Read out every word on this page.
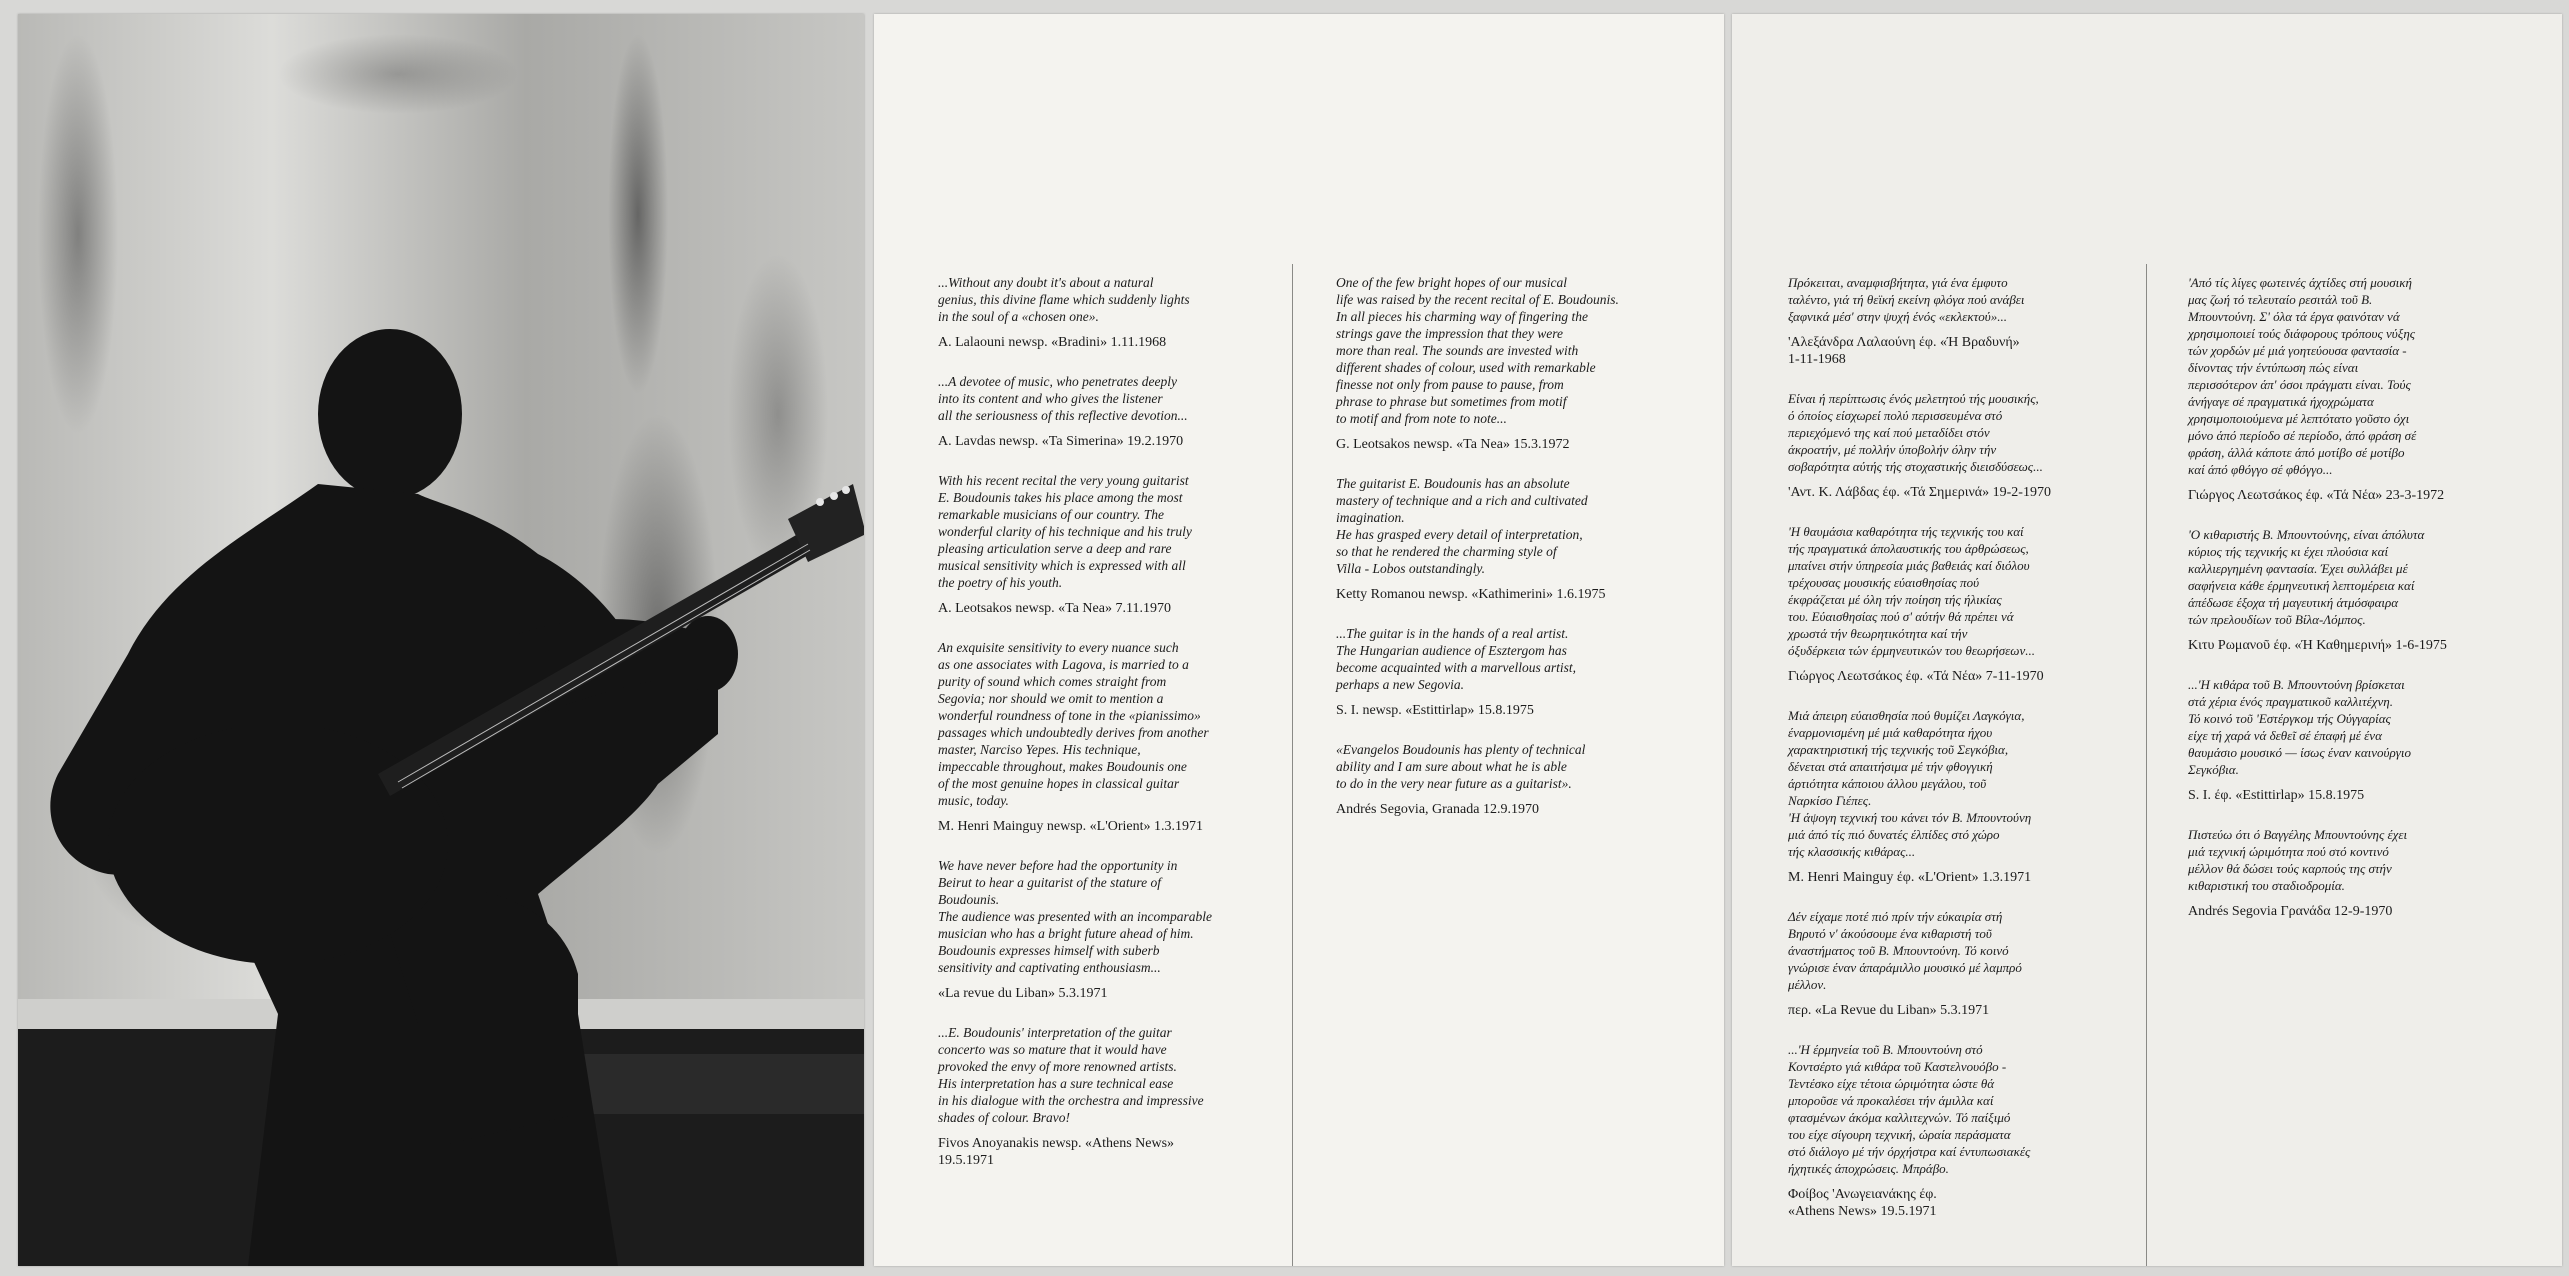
...Without any doubt it's about a natural
genius, this divine flame which suddenly lights
in the soul of a «chosen one».

A. Lalaouni newsp. «Bradini» 1.11.1968

...A devotee of music, who penetrates deeply
into its content and who gives the listener
all the seriousness of this reflective devotion...

A. Lavdas newsp. «Ta Simerina» 19.2.1970

With his recent recital the very young guitarist
E. Boudounis takes his place among the most
remarkable musicians of our country. The
wonderful clarity of his technique and his truly
pleasing articulation serve a deep and rare
musical sensitivity which is expressed with all
the poetry of his youth.

A. Leotsakos newsp. «Ta Nea» 7.11.1970

An exquisite sensitivity to every nuance such
as one associates with Lagova, is married to a
purity of sound which comes straight from
Segovia; nor should we omit to mention a
wonderful roundness of tone in the «pianissimo»
passages which undoubtedly derives from another
master, Narciso Yepes. His technique,
impeccable throughout, makes Boudounis one
of the most genuine hopes in classical guitar
music, today.

M. Henri Mainguy newsp. «L'Orient» 1.3.1971

We have never before had the opportunity in
Beirut to hear a guitarist of the stature of
Boudounis.
The audience was presented with an incomparable
musician who has a bright future ahead of him.
Boudounis expresses himself with suberb
sensitivity and captivating enthousiasm...

«La revue du Liban» 5.3.1971

...E. Boudounis' interpretation of the guitar
concerto was so mature that it would have
provoked the envy of more renowned artists.
His interpretation has a sure technical ease
in his dialogue with the orchestra and impressive
shades of colour. Bravo!

Fivos Anoyanakis newsp. «Athens News»
19.5.1971

One of the few bright hopes of our musical
life was raised by the recent recital of E. Boudounis.
In all pieces his charming way of fingering the
strings gave the impression that they were
more than real. The sounds are invested with
different shades of colour, used with remarkable
finesse not only from pause to pause, from
phrase to phrase but sometimes from motif
to motif and from note to note...

G. Leotsakos newsp. «Ta Nea» 15.3.1972

The guitarist E. Boudounis has an absolute
mastery of technique and a rich and cultivated
imagination.
He has grasped every detail of interpretation,
so that he rendered the charming style of
Villa - Lobos outstandingly.

Ketty Romanou newsp. «Kathimerini» 1.6.1975

...The guitar is in the hands of a real artist.
The Hungarian audience of Esztergom has
become acquainted with a marvellous artist,
perhaps a new Segovia.

S. I. newsp. «Estittirlap» 15.8.1975

«Evangelos Boudounis has plenty of technical
ability and I am sure about what he is able
to do in the very near future as a guitarist».

Andrés Segovia, Granada 12.9.1970

Πρόκειται, αναμφισβήτητα, γιά ένα έμφυτο
ταλέντο, γιά τή θεϊκή εκείνη φλόγα πού ανάβει
ξαφνικά μέσ' στην ψυχή ένός «εκλεκτού»...

'Αλεξάνδρα Λαλαούνη έφ. «Ή Βραδυνή»
1-11-1968

Είναι ή περίπτωσις ένός μελετητού τής μουσικής,
ό όποίος είσχωρεί πολύ περισσευμένα στό
περιεχόμενό της καί πού μεταδίδει στόν
άκροατήν, μέ πολλήν ύποβολήν όλην τήν
σοβαρότητα αύτής τής στοχαστικής διεισδύσεως...

'Αντ. Κ. Λάβδας έφ. «Τά Σημερινά» 19-2-1970

'Η θαυμάσια καθαρότητα τής τεχνικής του καί
τής πραγματικά άπολαυστικής του άρθρώσεως,
μπαίνει στήν ύπηρεσία μιάς βαθειάς καί διόλου
τρέχουσας μουσικής εύαισθησίας πού
έκφράζεται μέ όλη τήν ποίηση τής ήλικίας
του. Εύαισθησίας πού σ' αύτήν θά πρέπει νά
χρωστά τήν θεωρητικότητα καί τήν
όξυδέρκεια τών έρμηνευτικών του θεωρήσεων...

Γιώργος Λεωτσάκος έφ. «Τά Νέα» 7-11-1970

Μιά άπειρη εύαισθησία πού θυμίζει Λαγκόγια,
έναρμονισμένη μέ μιά καθαρότητα ήχου
χαρακτηριστική τής τεχνικής τοῦ Σεγκόβια,
δένεται στά απαιτήσιμα μέ τήν φθογγική
άρτιότητα κάποιου άλλου μεγάλου, τοῦ
Ναρκίσο Γιέπες.
'Η άψογη τεχνική του κάνει τόν Β. Μπουντούνη
μιά άπό τίς πιό δυνατές έλπίδες στό χώρο
τής κλασσικής κιθάρας...

M. Henri Mainguy έφ. «L'Orient» 1.3.1971

Δέν είχαμε ποτέ πιό πρίν τήν εύκαιρία στή
Βηρυτό ν' άκούσουμε ένα κιθαριστή τοῦ
άναστήματος τοῦ Β. Μπουντούνη. Τό κοινό
γνώρισε έναν άπαράμιλλο μουσικό μέ λαμπρό
μέλλον.

περ. «La Revue du Liban» 5.3.1971

...'Η έρμηνεία τοῦ Β. Μπουντούνη στό
Κοντσέρτο γιά κιθάρα τοῦ Καστελνουόβο -
Τεντέσκο είχε τέτοια ώριμότητα ώστε θά
μποροῦσε νά προκαλέσει τήν άμιλλα καί
φτασμένων άκόμα καλλιτεχνών. Τό παίξιμό
του είχε σίγουρη τεχνική, ώραία περάσματα
στό διάλογο μέ τήν όρχήστρα καί έντυπωσιακές
ήχητικές άποχρώσεις. Μπράβο.

Φοίβος 'Ανωγειανάκης έφ.
«Athens News» 19.5.1971

'Από τίς λίγες φωτεινές άχτίδες στή μουσική
μας ζωή τό τελευταίο ρεσιτάλ τοῦ Β.
Μπουντούνη. Σ' όλα τά έργα φαινόταν νά
χρησιμοποιεί τούς διάφορους τρόπους νύξης
τών χορδών μέ μιά γοητεύουσα φαντασία -
δίνοντας τήν έντύπωση πώς είναι
περισσότερον άπ' όσοι πράγματι είναι. Τούς
άνήγαγε σέ πραγματικά ήχοχρώματα
χρησιμοποιούμενα μέ λεπτότατο γοῦστο όχι
μόνο άπό περίοδο σέ περίοδο, άπό φράση σέ
φράση, άλλά κάποτε άπό μοτίβο σέ μοτίβο
καί άπό φθόγγο σέ φθόγγο...

Γιώργος Λεωτσάκος έφ. «Τά Νέα» 23-3-1972

'Ο κιθαριστής Β. Μπουντούνης, είναι άπόλυτα
κύριος τής τεχνικής κι έχει πλούσια καί
καλλιεργημένη φαντασία. Έχει συλλάβει μέ
σαφήνεια κάθε έρμηνευτική λεπτομέρεια καί
άπέδωσε έξοχα τή μαγευτική άτμόσφαιρα
τών πρελουδίων τοῦ Βίλα-Λόμπος.

Κιτυ Ρωμανοῦ έφ. «Ή Καθημερινή» 1-6-1975

...'Η κιθάρα τοῦ Β. Μπουντούνη βρίσκεται
στά χέρια ένός πραγματικοῦ καλλιτέχνη.
Τό κοινό τοῦ 'Εστέργκομ τής Ούγγαρίας
είχε τή χαρά νά δεθεῖ σέ έπαφή μέ ένα
θαυμάσιο μουσικό — ίσως έναν καινούργιο
Σεγκόβια.

S. I. έφ. «Estittirlap» 15.8.1975

Πιστεύω ότι ό Βαγγέλης Μπουντούνης έχει
μιά τεχνική ώριμότητα πού στό κοντινό
μέλλον θά δώσει τούς καρπούς της στήν
κιθαριστική του σταδιοδρομία.

Andrés Segovia Γρανάδα 12-9-1970
